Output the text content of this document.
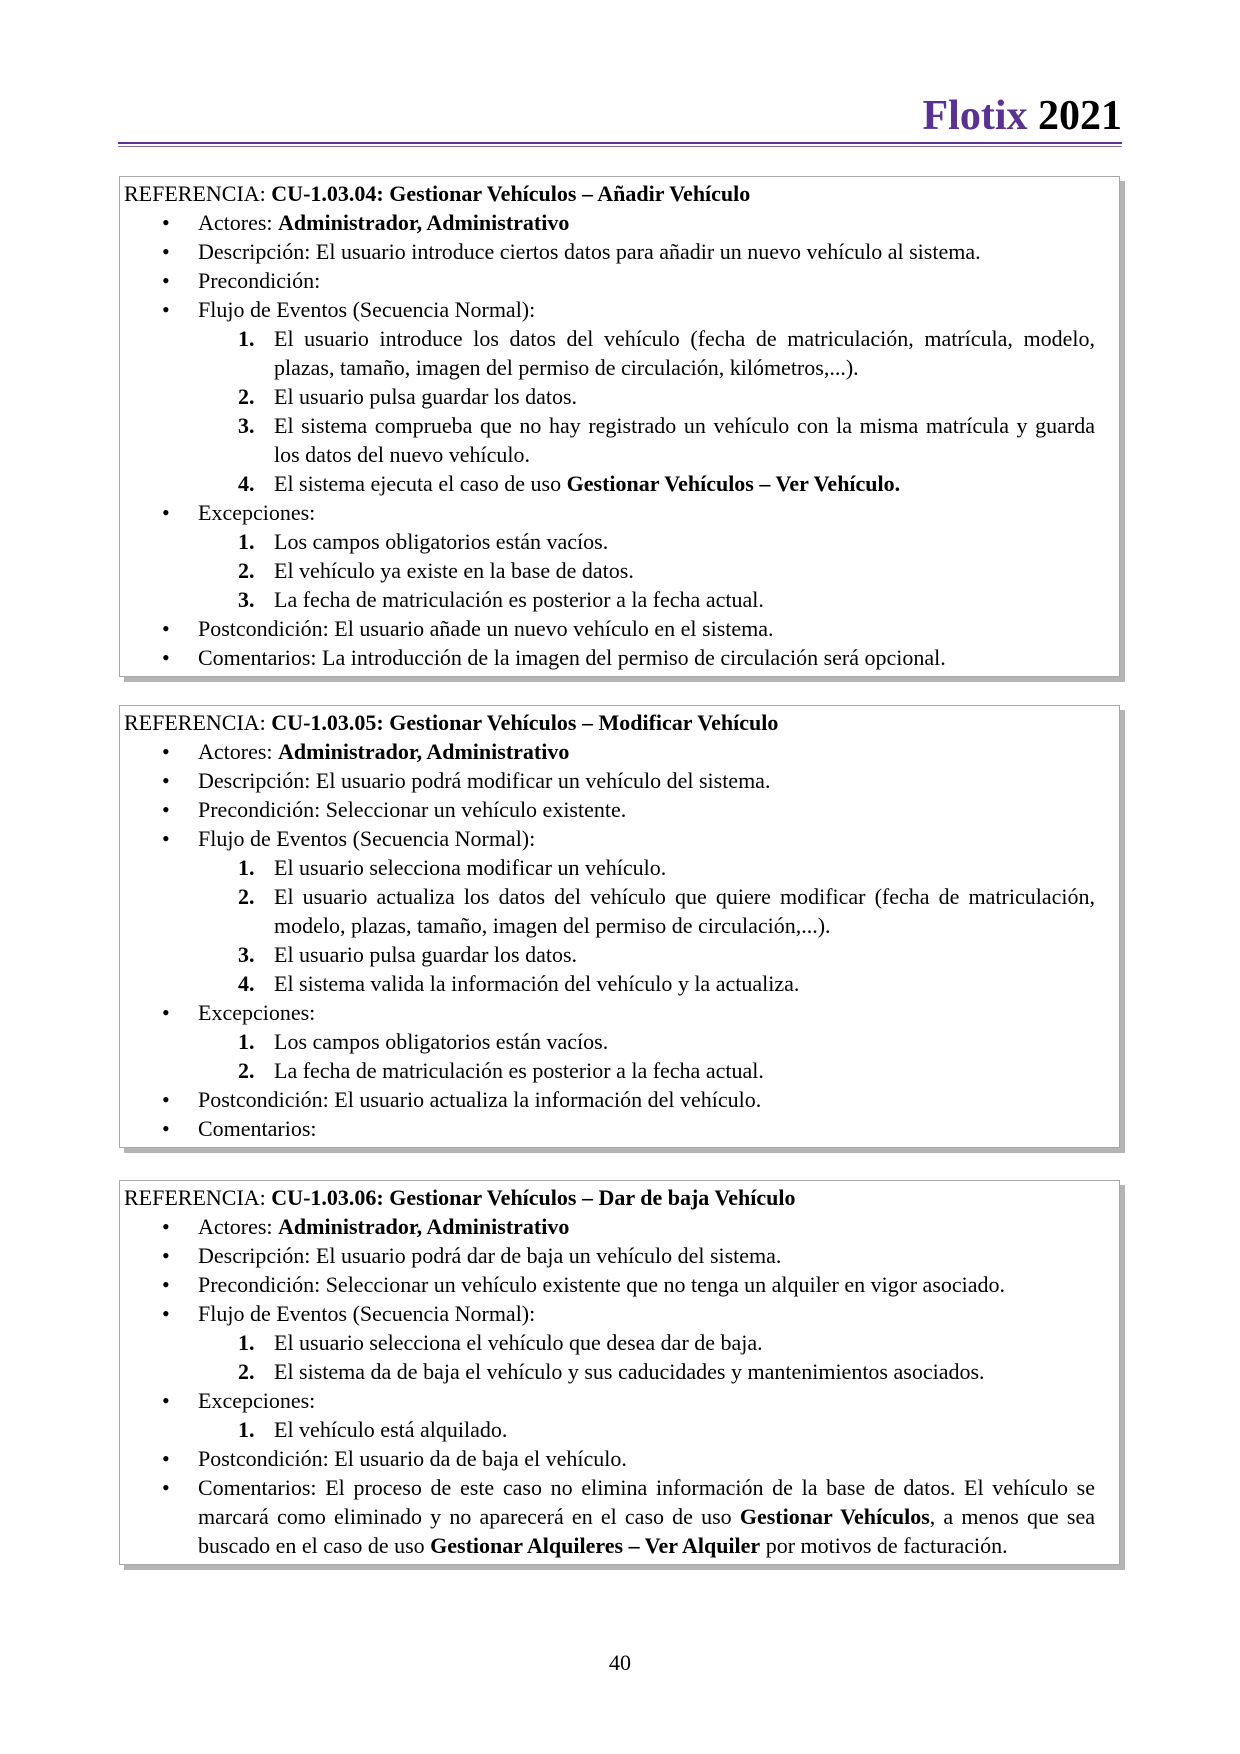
Flotix 2021
REFERENCIA: CU-1.03.04: Gestionar Vehículos – Añadir Vehículo
• Actores: Administrador, Administrativo
• Descripción: El usuario introduce ciertos datos para añadir un nuevo vehículo al sistema.
• Precondición:
• Flujo de Eventos (Secuencia Normal):
1. El usuario introduce los datos del vehículo (fecha de matriculación, matrícula, modelo, plazas, tamaño, imagen del permiso de circulación, kilómetros,...).
2. El usuario pulsa guardar los datos.
3. El sistema comprueba que no hay registrado un vehículo con la misma matrícula y guarda los datos del nuevo vehículo.
4. El sistema ejecuta el caso de uso Gestionar Vehículos – Ver Vehículo.
• Excepciones:
1. Los campos obligatorios están vacíos.
2. El vehículo ya existe en la base de datos.
3. La fecha de matriculación es posterior a la fecha actual.
• Postcondición: El usuario añade un nuevo vehículo en el sistema.
• Comentarios: La introducción de la imagen del permiso de circulación será opcional.
REFERENCIA: CU-1.03.05: Gestionar Vehículos – Modificar Vehículo
• Actores: Administrador, Administrativo
• Descripción: El usuario podrá modificar un vehículo del sistema.
• Precondición: Seleccionar un vehículo existente.
• Flujo de Eventos (Secuencia Normal):
1. El usuario selecciona modificar un vehículo.
2. El usuario actualiza los datos del vehículo que quiere modificar (fecha de matriculación, modelo, plazas, tamaño, imagen del permiso de circulación,...).
3. El usuario pulsa guardar los datos.
4. El sistema valida la información del vehículo y la actualiza.
• Excepciones:
1. Los campos obligatorios están vacíos.
2. La fecha de matriculación es posterior a la fecha actual.
• Postcondición: El usuario actualiza la información del vehículo.
• Comentarios:
REFERENCIA: CU-1.03.06: Gestionar Vehículos – Dar de baja Vehículo
• Actores: Administrador, Administrativo
• Descripción: El usuario podrá dar de baja un vehículo del sistema.
• Precondición: Seleccionar un vehículo existente que no tenga un alquiler en vigor asociado.
• Flujo de Eventos (Secuencia Normal):
1. El usuario selecciona el vehículo que desea dar de baja.
2. El sistema da de baja el vehículo y sus caducidades y mantenimientos asociados.
• Excepciones:
1. El vehículo está alquilado.
• Postcondición: El usuario da de baja el vehículo.
• Comentarios: El proceso de este caso no elimina información de la base de datos. El vehículo se marcará como eliminado y no aparecerá en el caso de uso Gestionar Vehículos, a menos que sea buscado en el caso de uso Gestionar Alquileres – Ver Alquiler por motivos de facturación.
40
